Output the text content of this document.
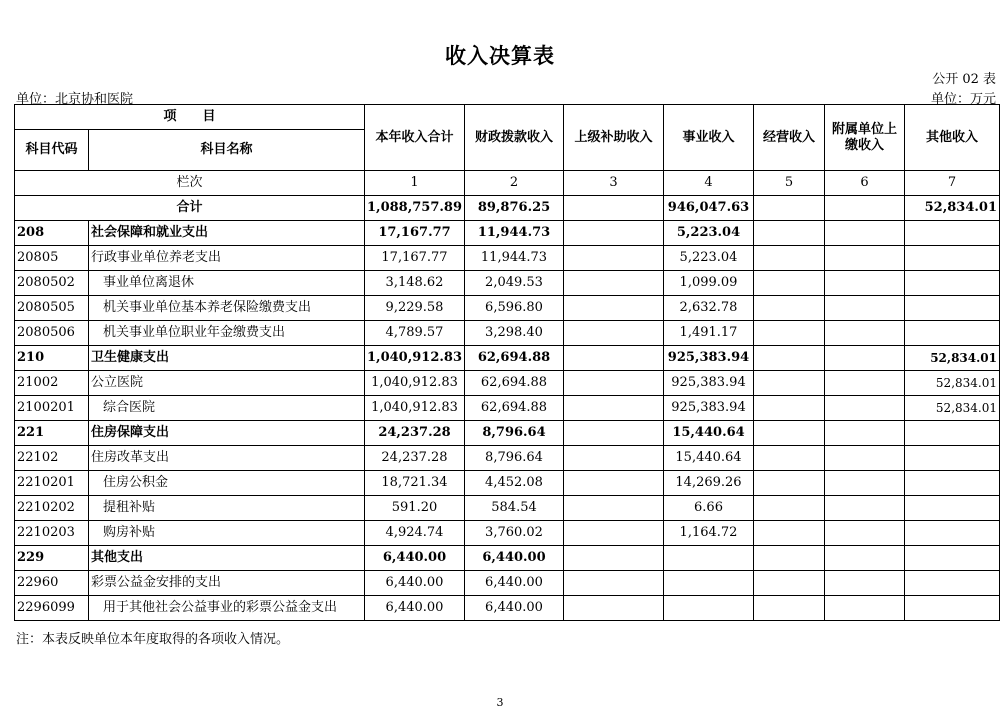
收入决算表
公开 02 表
单位：北京协和医院	单位：万元
项　　目		本年收入合计	财政拨款收入	上级补助收入	事业收入	经营收入	附属单位上缴收入	其他收入
科目代码	科目名称							
栏次		1	2	3	4	5	6	7
合计		1,088,757.89	89,876.25		946,047.63			52,834.01
208	社会保障和就业支出	17,167.77	11,944.73		5,223.04			
20805	行政事业单位养老支出	17,167.77	11,944.73		5,223.04			
2080502	事业单位离退休	3,148.62	2,049.53		1,099.09			
2080505	机关事业单位基本养老保险缴费支出	9,229.58	6,596.80		2,632.78			
2080506	机关事业单位职业年金缴费支出	4,789.57	3,298.40		1,491.17			
210	卫生健康支出	1,040,912.83	62,694.88		925,383.94			52,834.01
21002	公立医院	1,040,912.83	62,694.88		925,383.94			52,834.01
2100201	综合医院	1,040,912.83	62,694.88		925,383.94			52,834.01
221	住房保障支出	24,237.28	8,796.64		15,440.64			
22102	住房改革支出	24,237.28	8,796.64		15,440.64			
2210201	住房公积金	18,721.34	4,452.08		14,269.26			
2210202	提租补贴	591.20	584.54		6.66			
2210203	购房补贴	4,924.74	3,760.02		1,164.72			
229	其他支出	6,440.00	6,440.00					
22960	彩票公益金安排的支出	6,440.00	6,440.00					
2296099	用于其他社会公益事业的彩票公益金支出	6,440.00	6,440.00					
注：本表反映单位本年度取得的各项收入情况。
3
